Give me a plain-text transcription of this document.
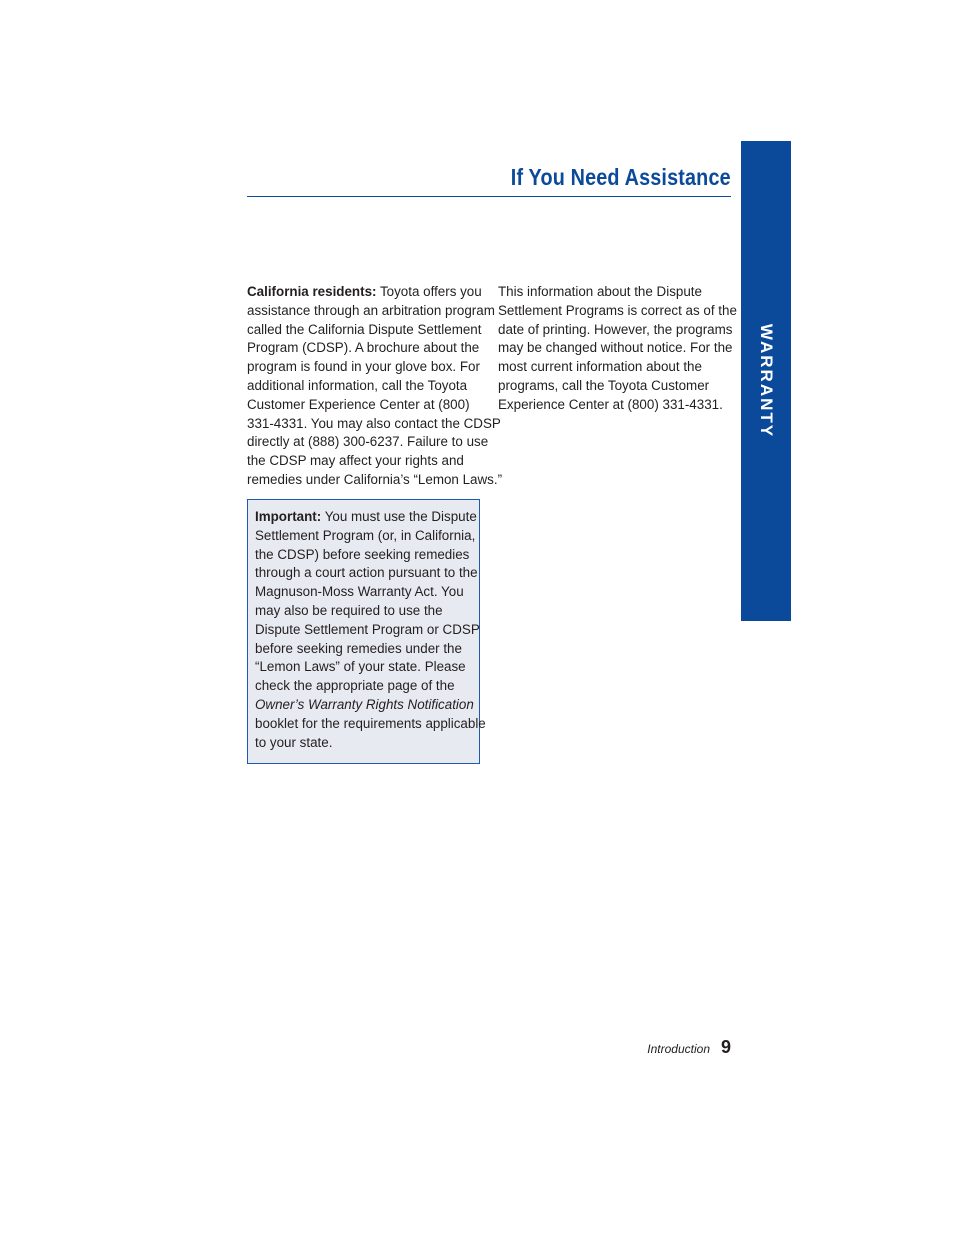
If You Need Assistance
WARRANTY

California residents: Toyota offers you

assistance through an arbitration program

called the California Dispute Settlement

Program (CDSP). A brochure about the

program is found in your glove box. For

additional information, call the Toyota

Customer Experience Center at (800)

331-4331. You may also contact the CDSP

directly at (888) 300-6237. Failure to use

the CDSP may affect your rights and

remedies under California’s “Lemon Laws.”

Important: You must use the Dispute

Settlement Program (or, in California,

the CDSP) before seeking remedies

through a court action pursuant to the

Magnuson-Moss Warranty Act. You

may also be required to use the

Dispute Settlement Program or CDSP

before seeking remedies under the

“Lemon Laws” of your state. Please

check the appropriate page of the

Owner’s Warranty Rights Notification

booklet for the requirements applicable

to your state.

This information about the Dispute

Settlement Programs is correct as of the

date of printing. However, the programs

may be changed without notice. For the

most current information about the

programs, call the Toyota Customer

Experience Center at (800) 331-4331.

Introduction 9
